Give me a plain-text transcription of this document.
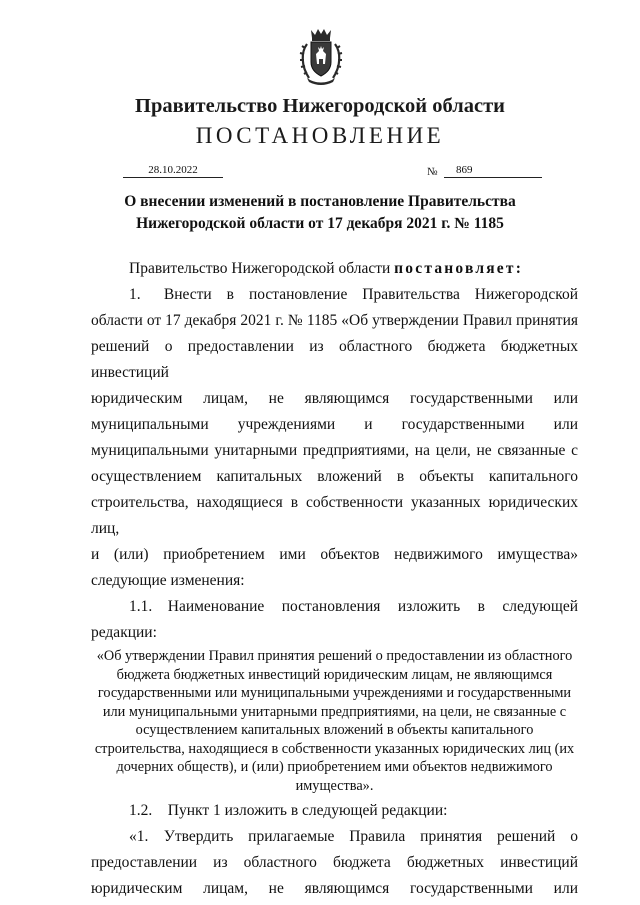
Правительство Нижегородской области
ПОСТАНОВЛЕНИЕ
28.10.2022	№	869
О внесении изменений в постановление Правительства
Нижегородской области от 17 декабря 2021 г. № 1185

Правительство Нижегородской области постановляет:

1.  Внести в постановление Правительства Нижегородской

области от 17 декабря 2021 г. № 1185 «Об утверждении Правил принятия

решений о предоставлении из областного бюджета бюджетных инвестиций

юридическим лицам, не являющимся государственными или

муниципальными учреждениями и государственными или

муниципальными унитарными предприятиями, на цели, не связанные с

осуществлением капитальных вложений в объекты капитального

строительства, находящиеся в собственности указанных юридических лиц,

и (или) приобретением ими объектов недвижимого имущества»

следующие изменения:

1.1.  Наименование постановления изложить в следующей

редакции:

«Об утверждении Правил принятия решений о предоставлении из областного бюджета бюджетных инвестиций юридическим лицам, не являющимся государственными или муниципальными учреждениями и государственными или муниципальными унитарными предприятиями, на цели, не связанные с осуществлением капитальных вложений в объекты капитального строительства, находящиеся в собственности указанных юридических лиц (их дочерних обществ), и (или) приобретением ими объектов недвижимого имущества».

1.2.  Пункт 1 изложить в следующей редакции:

«1.  Утвердить прилагаемые Правила принятия решений о

предоставлении из областного бюджета бюджетных инвестиций

юридическим лицам, не являющимся государственными или
